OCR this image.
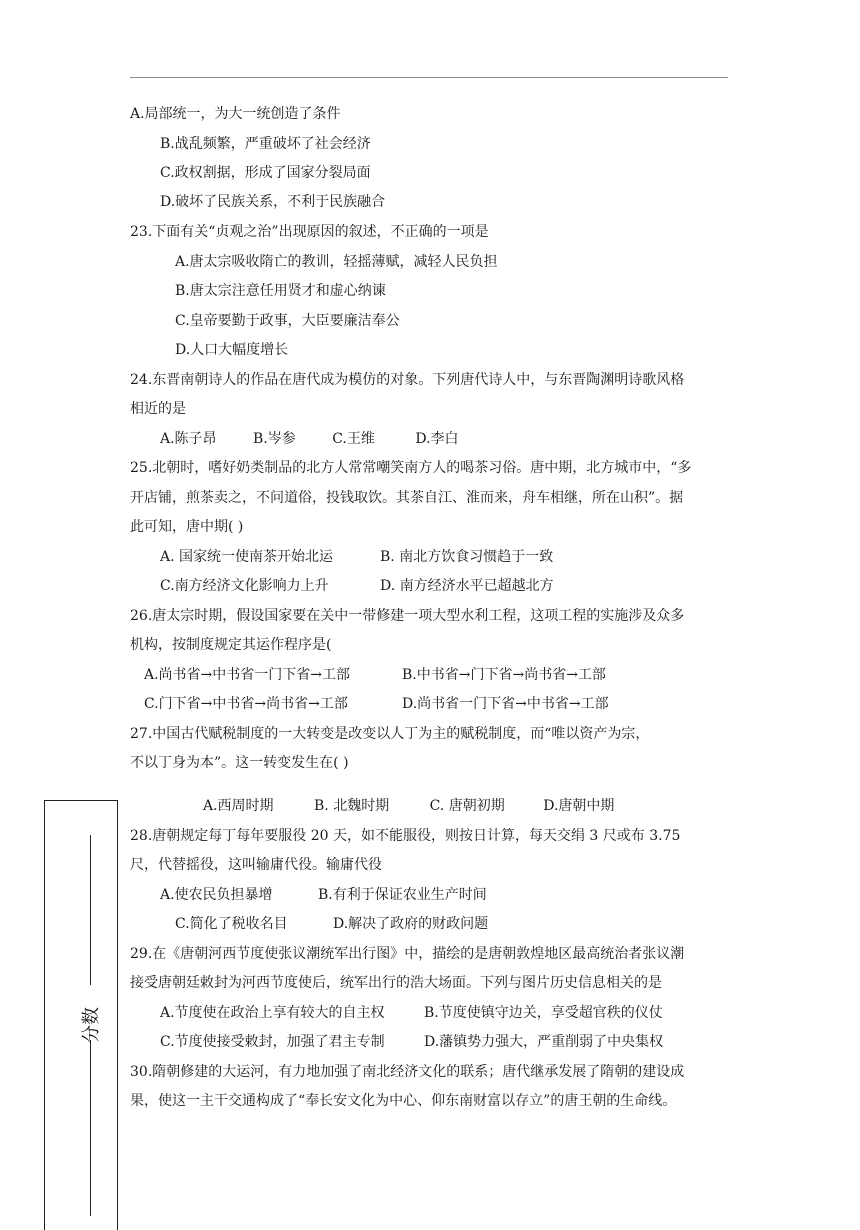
A.局部统一，为大一统创造了条件
B.战乱频繁，严重破坏了社会经济
C.政权割据，形成了国家分裂局面
D.破坏了民族关系，不利于民族融合
23.下面有关“贞观之治”出现原因的叙述，不正确的一项是
A.唐太宗吸收隋亡的教训，轻摇薄赋，减轻人民负担
B.唐太宗注意任用贤才和虚心纳谏
C.皇帝要勤于政事，大臣要廉洁奉公
D.人口大幅度增长
24.东晋南朝诗人的作品在唐代成为模仿的对象。下列唐代诗人中，与东晋陶渊明诗歌风格
相近的是
A.陈子昂	B.岑参	C.王维	D.李白
25.北朝时，嗜好奶类制品的北方人常常嘲笑南方人的喝茶习俗。唐中期，北方城市中，“多
开店铺，煎茶卖之，不问道俗，投钱取饮。其茶自江、淮而来，舟车相继，所在山积”。据
此可知，唐中期( )
A. 国家统一使南茶开始北运	B. 南北方饮食习惯趋于一致
C.南方经济文化影响力上升	D. 南方经济水平已超越北方
26.唐太宗时期，假设国家要在关中一带修建一项大型水利工程，这项工程的实施涉及众多
机构，按制度规定其运作程序是(
A.尚书省→中书省一门下省→工部	B.中书省→门下省→尚书省→工部
C.门下省→中书省→尚书省→工部	D.尚书省一门下省→中书省→工部
27.中国古代赋税制度的一大转变是改变以人丁为主的赋税制度，而“唯以资产为宗，
不以丁身为本”。这一转变发生在( )
A.西周时期	B. 北魏时期	C. 唐朝初期	D.唐朝中期
28.唐朝规定每丁每年要服役 20 天，如不能服役，则按日计算，每天交绢 3 尺或布 3.75
尺，代替摇役，这叫输庸代役。输庸代役
A.使农民负担暴增	B.有利于保证农业生产时间
C.简化了税收名目	D.解决了政府的财政问题
29.在《唐朝河西节度使张议潮统军出行图》中，描绘的是唐朝敦煌地区最高统治者张议潮
接受唐朝廷敕封为河西节度使后，统军出行的浩大场面。下列与图片历史信息相关的是
A.节度使在政治上享有较大的自主权	B.节度使镇守边关，享受超官秩的仪仗
C.节度使接受敕封，加强了君主专制	D.藩镇势力强大，严重削弱了中央集权
30.隋朝修建的大运河，有力地加强了南北经济文化的联系；唐代继承发展了隋朝的建设成
果，使这一主干交通构成了“奉长安文化为中心、仰东南财富以存立”的唐王朝的生命线。
分数
